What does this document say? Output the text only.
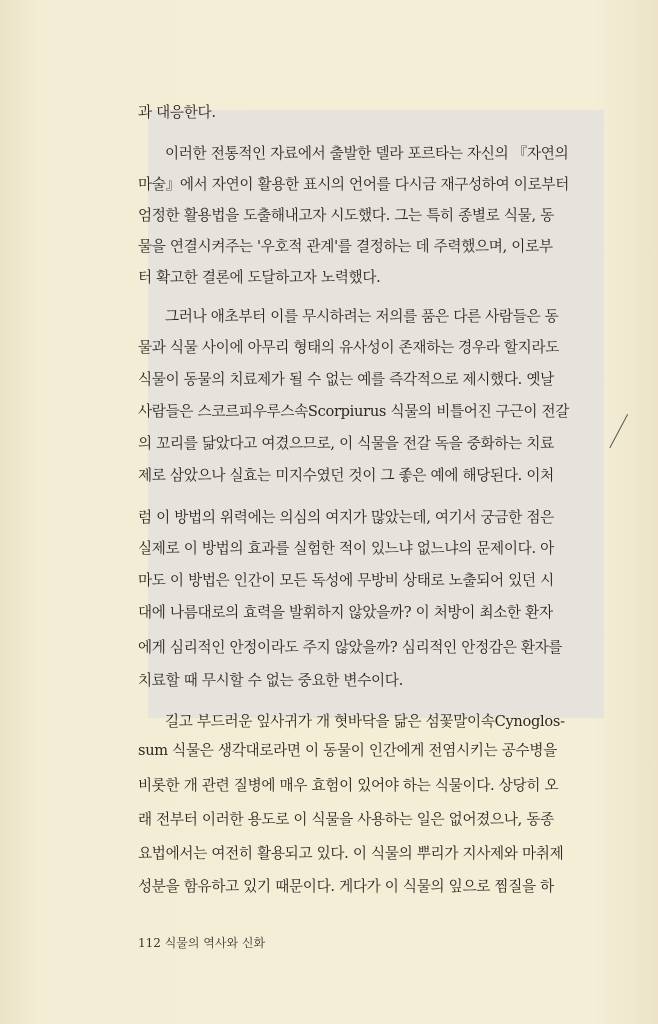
과 대응한다.
이러한 전통적인 자료에서 출발한 델라 포르타는 자신의 『자연의
마술』에서 자연이 활용한 표시의 언어를 다시금 재구성하여 이로부터
엄정한 활용법을 도출해내고자 시도했다. 그는 특히 종별로 식물, 동
물을 연결시켜주는 '우호적 관계'를 결정하는 데 주력했으며, 이로부
터 확고한 결론에 도달하고자 노력했다.
그러나 애초부터 이를 무시하려는 저의를 품은 다른 사람들은 동
물과 식물 사이에 아무리 형태의 유사성이 존재하는 경우라 할지라도
식물이 동물의 치료제가 될 수 없는 예를 즉각적으로 제시했다. 옛날
사람들은 스코르피우루스속Scorpiurus 식물의 비틀어진 구근이 전갈
의 꼬리를 닮았다고 여겼으므로, 이 식물을 전갈 독을 중화하는 치료
제로 삼았으나 실효는 미지수였던 것이 그 좋은 예에 해당된다. 이처
럼 이 방법의 위력에는 의심의 여지가 많았는데, 여기서 궁금한 점은
실제로 이 방법의 효과를 실험한 적이 있느냐 없느냐의 문제이다. 아
마도 이 방법은 인간이 모든 독성에 무방비 상태로 노출되어 있던 시
대에 나름대로의 효력을 발휘하지 않았을까? 이 처방이 최소한 환자
에게 심리적인 안정이라도 주지 않았을까? 심리적인 안정감은 환자를
치료할 때 무시할 수 없는 중요한 변수이다.
길고 부드러운 잎사귀가 개 혓바닥을 닮은 섬꽃말이속Cynoglos-
sum 식물은 생각대로라면 이 동물이 인간에게 전염시키는 공수병을
비롯한 개 관련 질병에 매우 효험이 있어야 하는 식물이다. 상당히 오
래 전부터 이러한 용도로 이 식물을 사용하는 일은 없어졌으나, 동종
요법에서는 여전히 활용되고 있다. 이 식물의 뿌리가 지사제와 마취제
성분을 함유하고 있기 때문이다. 게다가 이 식물의 잎으로 찜질을 하
112 식물의 역사와 신화
